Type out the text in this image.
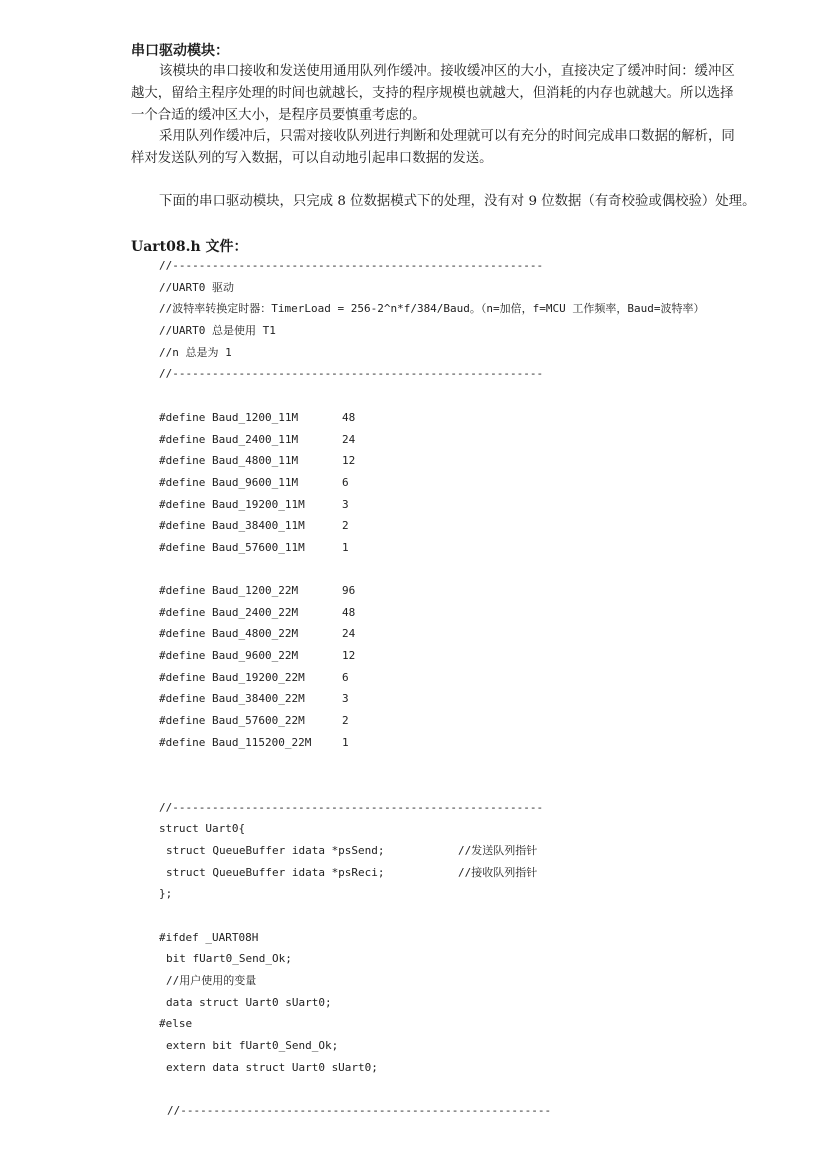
串口驱动模块：
该模块的串口接收和发送使用通用队列作缓冲。接收缓冲区的大小，直接决定了缓冲时间：缓冲区
越大，留给主程序处理的时间也就越长，支持的程序规模也就越大，但消耗的内存也就越大。所以选择
一个合适的缓冲区大小，是程序员要慎重考虑的。
采用队列作缓冲后，只需对接收队列进行判断和处理就可以有充分的时间完成串口数据的解析，同
样对发送队列的写入数据，可以自动地引起串口数据的发送。
下面的串口驱动模块，只完成 8 位数据模式下的处理，没有对 9 位数据（有奇校验或偶校验）处理。
Uart08.h 文件：

//--------------------------------------------------------

//UART0 驱动

//波特率转换定时器：TimerLoad = 256-2^n*f/384/Baud。（n=加倍，f=MCU 工作频率，Baud=波特率）

//UART0 总是使用 T1

//n 总是为 1

//--------------------------------------------------------

#define Baud_1200_11M	48

#define Baud_2400_11M	24

#define Baud_4800_11M	12

#define Baud_9600_11M	6

#define Baud_19200_11M	3

#define Baud_38400_11M	2

#define Baud_57600_11M	1

#define Baud_1200_22M	96

#define Baud_2400_22M	48

#define Baud_4800_22M	24

#define Baud_9600_22M	12

#define Baud_19200_22M	6

#define Baud_38400_22M	3

#define Baud_57600_22M	2

#define Baud_115200_22M	1

//--------------------------------------------------------

struct Uart0{

struct QueueBuffer idata *psSend;	//发送队列指针

struct QueueBuffer idata *psReci;	//接收队列指针

};

#ifdef _UART08H

bit fUart0_Send_Ok;

//用户使用的变量

data struct Uart0 sUart0;

#else

extern bit fUart0_Send_Ok;

extern data struct Uart0 sUart0;

//--------------------------------------------------------
